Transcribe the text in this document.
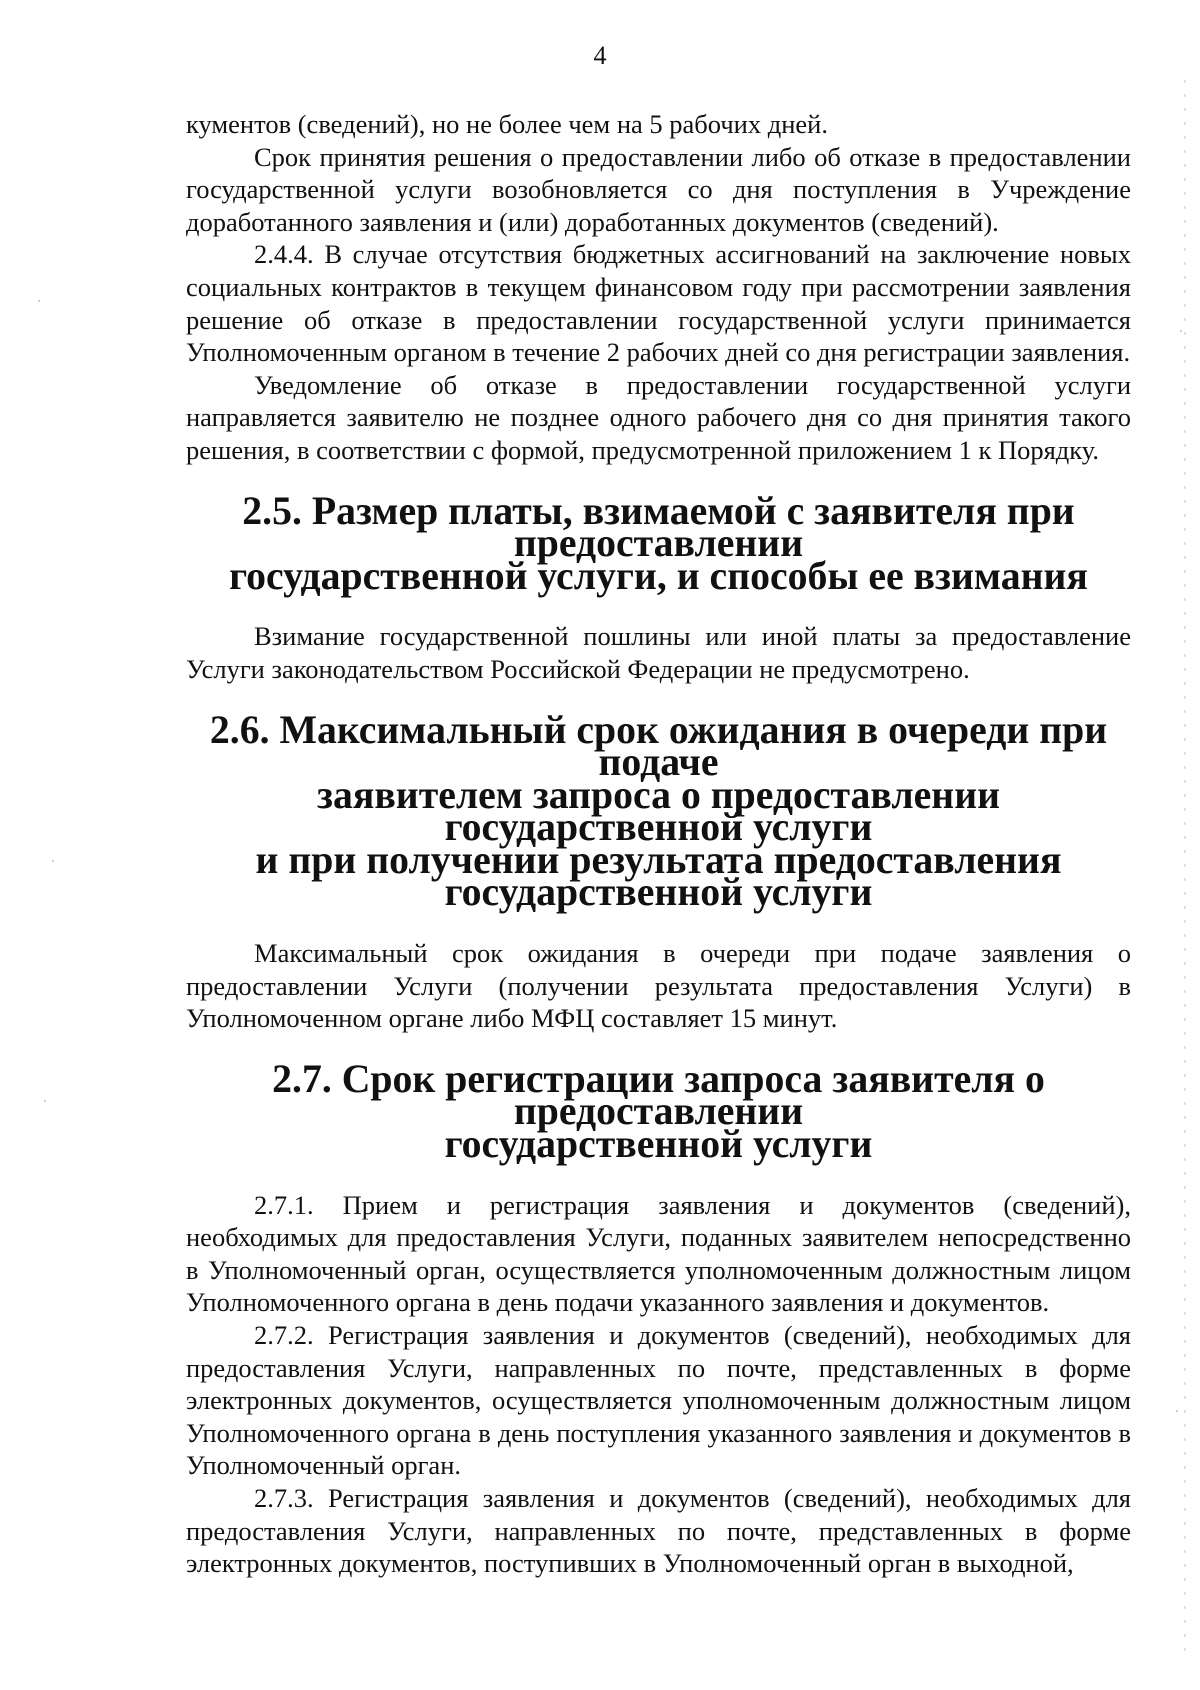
4

кументов (сведений), но не более чем на 5 рабочих дней.

Срок принятия решения о предоставлении либо об отказе в предоставлении государственной услуги возобновляется со дня поступления в Учреждение доработанного заявления и (или) доработанных документов (сведений).

2.4.4. В случае отсутствия бюджетных ассигнований на заключение новых социальных контрактов в текущем финансовом году при рассмотрении заявления решение об отказе в предоставлении государственной услуги принимается Уполномоченным органом в течение 2 рабочих дней со дня регистрации заявления.

Уведомление об отказе в предоставлении государственной услуги направляется заявителю не позднее одного рабочего дня со дня принятия такого решения, в соответствии с формой, предусмотренной приложением 1 к Порядку.

2.5. Размер платы, взимаемой с заявителя при предоставлении
государственной услуги, и способы ее взимания

Взимание государственной пошлины или иной платы за предоставление Услуги законодательством Российской Федерации не предусмотрено.

2.6. Максимальный срок ожидания в очереди при подаче
заявителем запроса о предоставлении государственной услуги
и при получении результата предоставления
государственной услуги

Максимальный срок ожидания в очереди при подаче заявления о предоставлении Услуги (получении результата предоставления Услуги) в Уполномоченном органе либо МФЦ составляет 15 минут.

2.7. Срок регистрации запроса заявителя о предоставлении
государственной услуги

2.7.1. Прием и регистрация заявления и документов (сведений), необходимых для предоставления Услуги, поданных заявителем непосредственно в Уполномоченный орган, осуществляется уполномоченным должностным лицом Уполномоченного органа в день подачи указанного заявления и документов.

2.7.2. Регистрация заявления и документов (сведений), необходимых для предоставления Услуги, направленных по почте, представленных в форме электронных документов, осуществляется уполномоченным должностным лицом Уполномоченного органа в день поступления указанного заявления и документов в Уполномоченный орган.

2.7.3. Регистрация заявления и документов (сведений), необходимых для предоставления Услуги, направленных по почте, представленных в форме электронных документов, поступивших в Уполномоченный орган в выходной,
